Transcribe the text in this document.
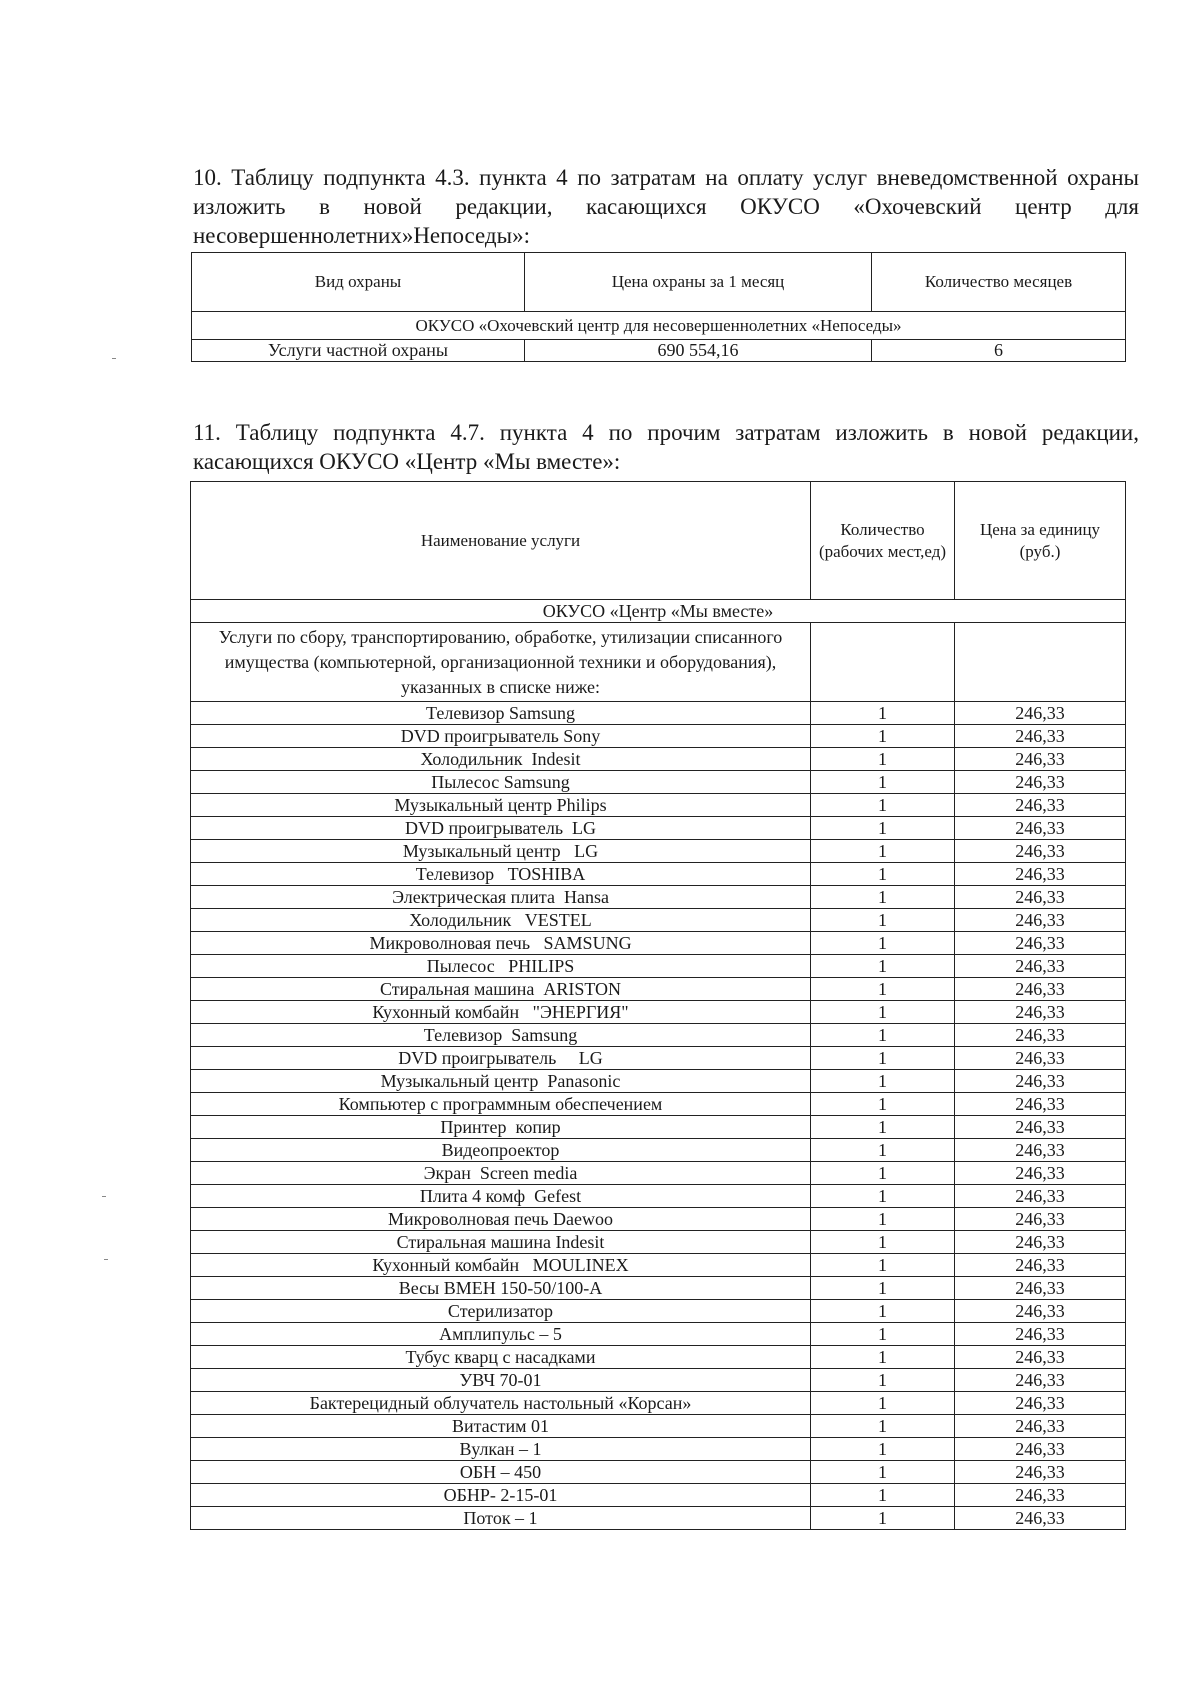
10. Таблицу подпункта 4.3. пункта 4 по затратам на оплату услуг вневедомственной охраны изложить в новой редакции, касающихся ОКУСО «Охочевский центр для несовершеннолетних»Непоседы»:

Вид охраны	Цена охраны за 1 месяц	Количество месяцев
ОКУСО «Охочевский центр для несовершеннолетних «Непоседы»		
Услуги частной охраны	690 554,16	6

11. Таблицу подпункта 4.7. пункта 4 по прочим затратам изложить в новой редакции, касающихся ОКУСО «Центр «Мы вместе»:

Наименование услуги	Количество (рабочих мест,ед)	Цена за единицу (руб.)
ОКУСО «Центр «Мы вместе»		
Услуги по сбору, транспортированию, обработке, утилизации списанного имущества (компьютерной, организационной техники и оборудования), указанных в списке ниже:		
Телевизор Samsung	1	246,33
DVD проигрыватель Sony	1	246,33
Холодильник  Indesit	1	246,33
Пылесос Samsung	1	246,33
Музыкальный центр Philips	1	246,33
DVD проигрыватель  LG	1	246,33
Музыкальный центр   LG	1	246,33
Телевизор   TOSHIBA	1	246,33
Электрическая плита  Hansa	1	246,33
Холодильник   VESTEL	1	246,33
Микроволновая печь   SAMSUNG	1	246,33
Пылесос   PHILIPS	1	246,33
Стиральная машина  ARISTON	1	246,33
Кухонный комбайн   "ЭНЕРГИЯ"	1	246,33
Телевизор  Samsung	1	246,33
DVD проигрыватель     LG	1	246,33
Музыкальный центр  Panasonic	1	246,33
Компьютер с программным обеспечением	1	246,33
Принтер  копир	1	246,33
Видеопроектор	1	246,33
Экран  Screen media	1	246,33
Плита 4 комф  Gefest	1	246,33
Микроволновая печь Daewoo	1	246,33
Стиральная машина Indesit	1	246,33
Кухонный комбайн   MOULINEX	1	246,33
Весы ВМЕН 150-50/100-А	1	246,33
Стерилизатор	1	246,33
Амплипульс – 5	1	246,33
Тубус кварц с насадками	1	246,33
УВЧ 70-01	1	246,33
Бактерецидный облучатель настольный «Корсан»	1	246,33
Витастим 01	1	246,33
Вулкан – 1	1	246,33
ОБН – 450	1	246,33
ОБНР- 2-15-01	1	246,33
Поток – 1	1	246,33
